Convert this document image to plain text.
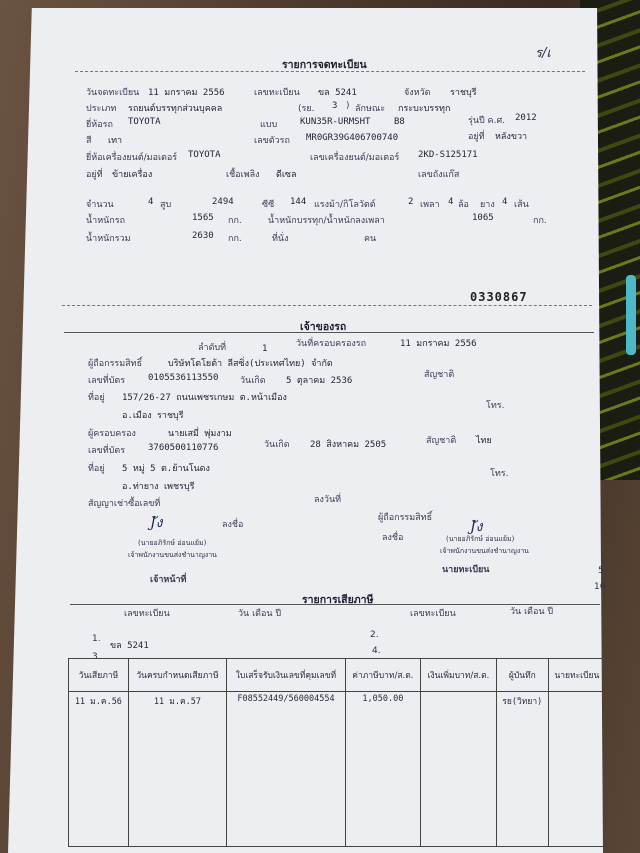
ร/เ
รายการจดทะเบียน
วันจดทะเบียน 11 มกราคม 2556	เลขทะเบียน ขล 5241	จังหวัด ราชบุรี
ประเภท รถยนต์บรรทุกส่วนบุคคล	(รย. 3 ) ลักษณะ กระบะบรรทุก
ยี่ห้อรถ TOYOTA	แบบ	KUN35R-URMSHT	B8	รุ่นปี ค.ศ. 2012
สี เทา	เลขตัวรถ MR0GR39G406700740	อยู่ที่ หลังขวา
ยี่ห้อเครื่องยนต์/มอเตอร์ TOYOTA	เลขเครื่องยนต์/มอเตอร์ 2KD-S125171
อยู่ที่ ข้ายเครื่อง	เชื้อเพลิง ดีเซล	เลขถังแก๊ส
จำนวน	4 สูบ	2494	ซีซี 144 แรงม้า/กิโลวัตต์	2 เพลา 4 ล้อ ยาง 4 เส้น
น้ำหนักรถ	1565 กก.	น้ำหนักบรรทุก/น้ำหนักลงเพลา	1065	กก.
น้ำหนักรวม	2630 กก.	ที่นั่ง	คน
0330867
เจ้าของรถ
ลำดับที่	1	วันที่ครอบครองรถ	11 มกราคม 2556
ผู้ถือกรรมสิทธิ์	บริษัทโตโยต้า ลีสซิ่ง(ประเทศไทย) จำกัด
เลขที่บัตร	0105536113550 วันเกิด 5 ตุลาคม 2536
สัญชาติ
ที่อยู่ 157/26-27 ถนนเพชรเกษม ต.หน้าเมือง
อ.เมือง ราชบุรี
โทร.
ผู้ครอบครอง	นายเสมี่ พุ่มงาม
เลขที่บัตร	3760500110776	วันเกิด 28 สิงหาคม 2505	สัญชาติ ไทย
ที่อยู่ 5 หมู่ 5 ต.ย้านโนดง
อ.ท่ายาง เพชรบุรี
โทร.
สัญญาเช่าซื้อเลขที่	ลงวันที่
Jัง	ลงชื่อ
ผู้ถือกรรมสิทธิ์
ลงชื่อ
Jัง
(นายอภิรักษ์ อ่อนแย้ม)
เจ้าพนักงานขนส่งชำนาญงาน
(นายอภิรักษ์ อ่อนแย้ม)
เจ้าพนักงานขนส่งชำนาญงาน
เจ้าหน้าที่
นายทะเบียน	5
16
รายการเสียภาษี
เลขทะเบียน	วัน เดือน ปี	เลขทะเบียน	วัน เดือน ปี
1.
ขล 5241
2.
3.
4.
วันเสียภาษี	วันครบกำหนดเสียภาษี	ใบเสร็จรับเงินเลขที่คุมเลขที่	ค่าภาษีบาท/ส.ต.	เงินเพิ่มบาท/ส.ต.	ผู้บันทึก	นายทะเบียน
11 ม.ค.56	11 ม.ค.57	F08552449/560004554	1,050.00		รย(วิทยา)	
